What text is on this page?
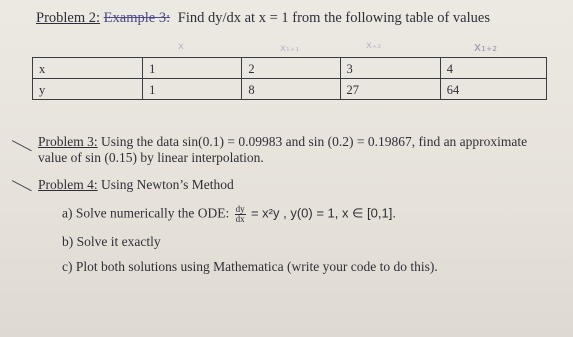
Problem 2: Example 3: Find dy/dx at x = 1 from the following table of values
x	x₁₊₁	x₊₂	x₁₊₂
x	1	2	3	4
y	1	8	27	64
Problem 3: Using the data sin(0.1) = 0.09983 and sin (0.2) = 0.19867, find an approximate value of sin (0.15) by linear interpolation.
Problem 4: Using Newton’s Method
a) Solve numerically the ODE: $\frac{dy}{dx} = x^2y$ , y(0) = 1, x ∈ [0,1].
b) Solve it exactly
c) Plot both solutions using Mathematica (write your code to do this).
